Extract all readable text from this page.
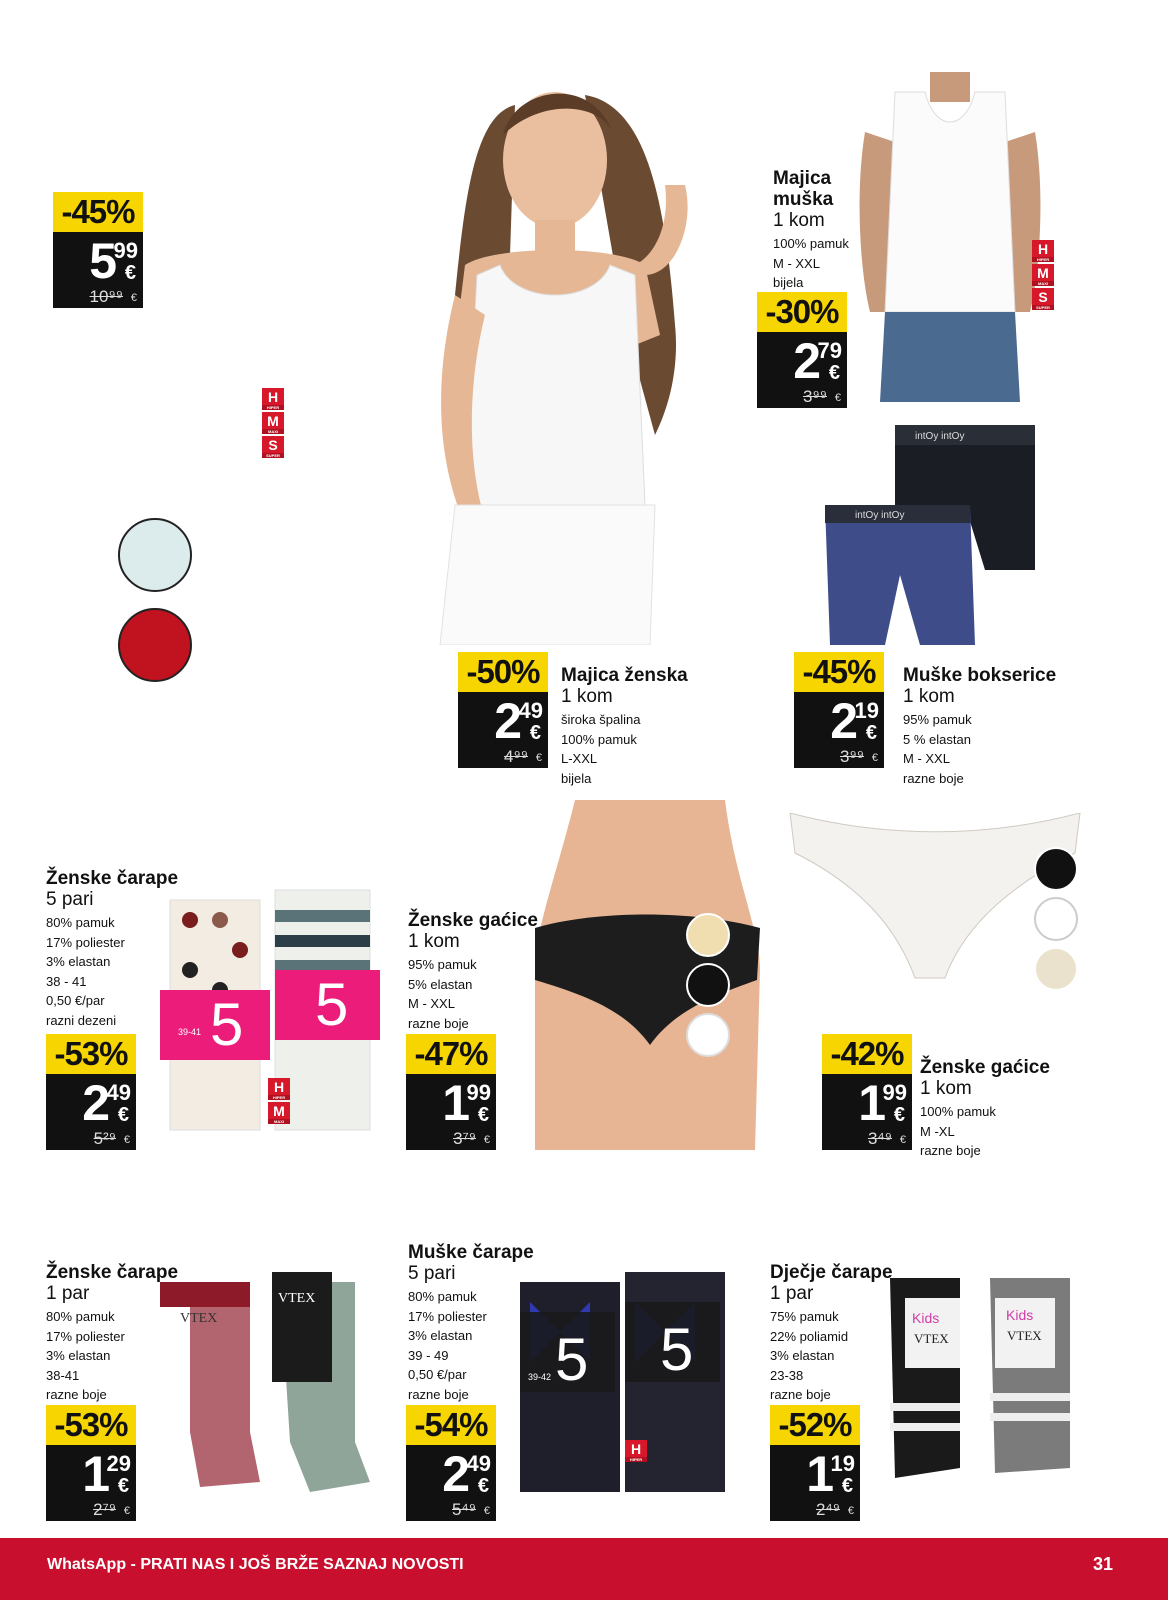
intOy intOy
intOy intOy
5 5
39-41
VTEX
VTEX
5 5
39-42
Kids	Kids
VTEX	VTEX
H
HIPER
M
MAXI
S
SUPER
H
HIPER
M
MAXI
S
SUPER
H
HIPER
M
MAXI
H
HIPER
-45%
5
99
€
10⁹⁹ €	-30%
2
79
€
3⁹⁹ €
-50%
2
49
€
4⁹⁹ €
-45%
2
19
€
3⁹⁹ €
-53%
2
49
€
5²⁹ €
-47%
1
99
€
3⁷⁹ €
-42%
1
99
€
3⁴⁹ €
-53%
1
29
€
2⁷⁹ €
-54%
2
49
€
5⁴⁹ €
-52%
1
19
€
2⁴⁹ €
Majica
muška
1 kom
100% pamuk
M - XXL
bijela
Majica ženska
1 kom
široka špalina
100% pamuk
L-XXL
bijela
Muške bokserice
1 kom
95% pamuk
5 % elastan
M - XXL
razne boje
Ženske čarape
5 pari
80% pamuk
17% poliester
3% elastan
38 - 41
0,50 €/par
razni dezeni
Ženske gaćice
1 kom
95% pamuk
5% elastan
M - XXL
razne boje
Ženske gaćice
1 kom
100% pamuk
M -XL
razne boje
Ženske čarape
1 par
80% pamuk
17% poliester
3% elastan
38-41
razne boje
Muške čarape
5 pari
80% pamuk
17% poliester
3% elastan
39 - 49
0,50 €/par
razne boje
Dječje čarape
1 par
75% pamuk
22% poliamid
3% elastan
23-38
razne boje
WhatsApp - PRATI NAS I JOŠ BRŽE SAZNAJ NOVOSTI	31
